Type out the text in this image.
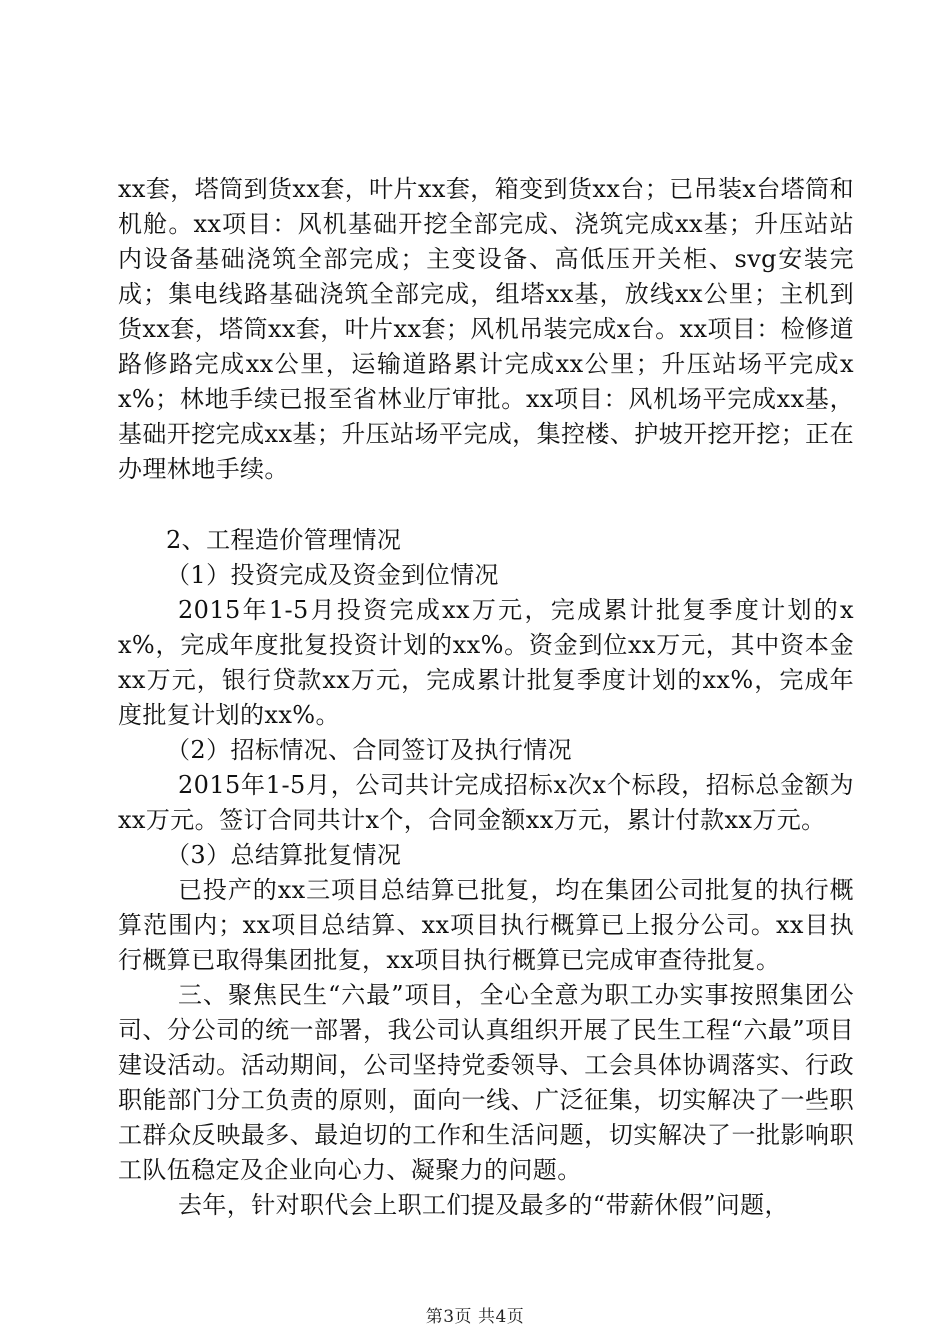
xx套，塔筒到货xx套，叶片xx套，箱变到货xx台；已吊装x台塔筒和机舱。xx项目：风机基础开挖全部完成、浇筑完成xx基；升压站站内设备基础浇筑全部完成；主变设备、高低压开关柜、svg安装完成；集电线路基础浇筑全部完成，组塔xx基，放线xx公里；主机到货xx套，塔筒xx套，叶片xx套；风机吊装完成x台。xx项目：检修道路修路完成xx公里，运输道路累计完成xx公里；升压站场平完成xx%；林地手续已报至省林业厅审批。xx项目：风机场平完成xx基，基础开挖完成xx基；升压站场平完成，集控楼、护坡开挖开挖；正在办理林地手续。

2、工程造价管理情况

（1）投资完成及资金到位情况

2015年1-5月投资完成xx万元，完成累计批复季度计划的xx%，完成年度批复投资计划的xx%。资金到位xx万元，其中资本金xx万元，银行贷款xx万元，完成累计批复季度计划的xx%，完成年度批复计划的xx%。

（2）招标情况、合同签订及执行情况

2015年1-5月，公司共计完成招标x次x个标段，招标总金额为xx万元。签订合同共计x个，合同金额xx万元，累计付款xx万元。

（3）总结算批复情况

已投产的xx三项目总结算已批复，均在集团公司批复的执行概算范围内；xx项目总结算、xx项目执行概算已上报分公司。xx目执行概算已取得集团批复，xx项目执行概算已完成审查待批复。

三、聚焦民生“六最”项目，全心全意为职工办实事按照集团公司、分公司的统一部署，我公司认真组织开展了民生工程“六最”项目建设活动。活动期间，公司坚持党委领导、工会具体协调落实、行政职能部门分工负责的原则，面向一线、广泛征集，切实解决了一些职工群众反映最多、最迫切的工作和生活问题，切实解决了一批影响职工队伍稳定及企业向心力、凝聚力的问题。

去年，针对职代会上职工们提及最多的“带薪休假”问题，

第3页 共4页
